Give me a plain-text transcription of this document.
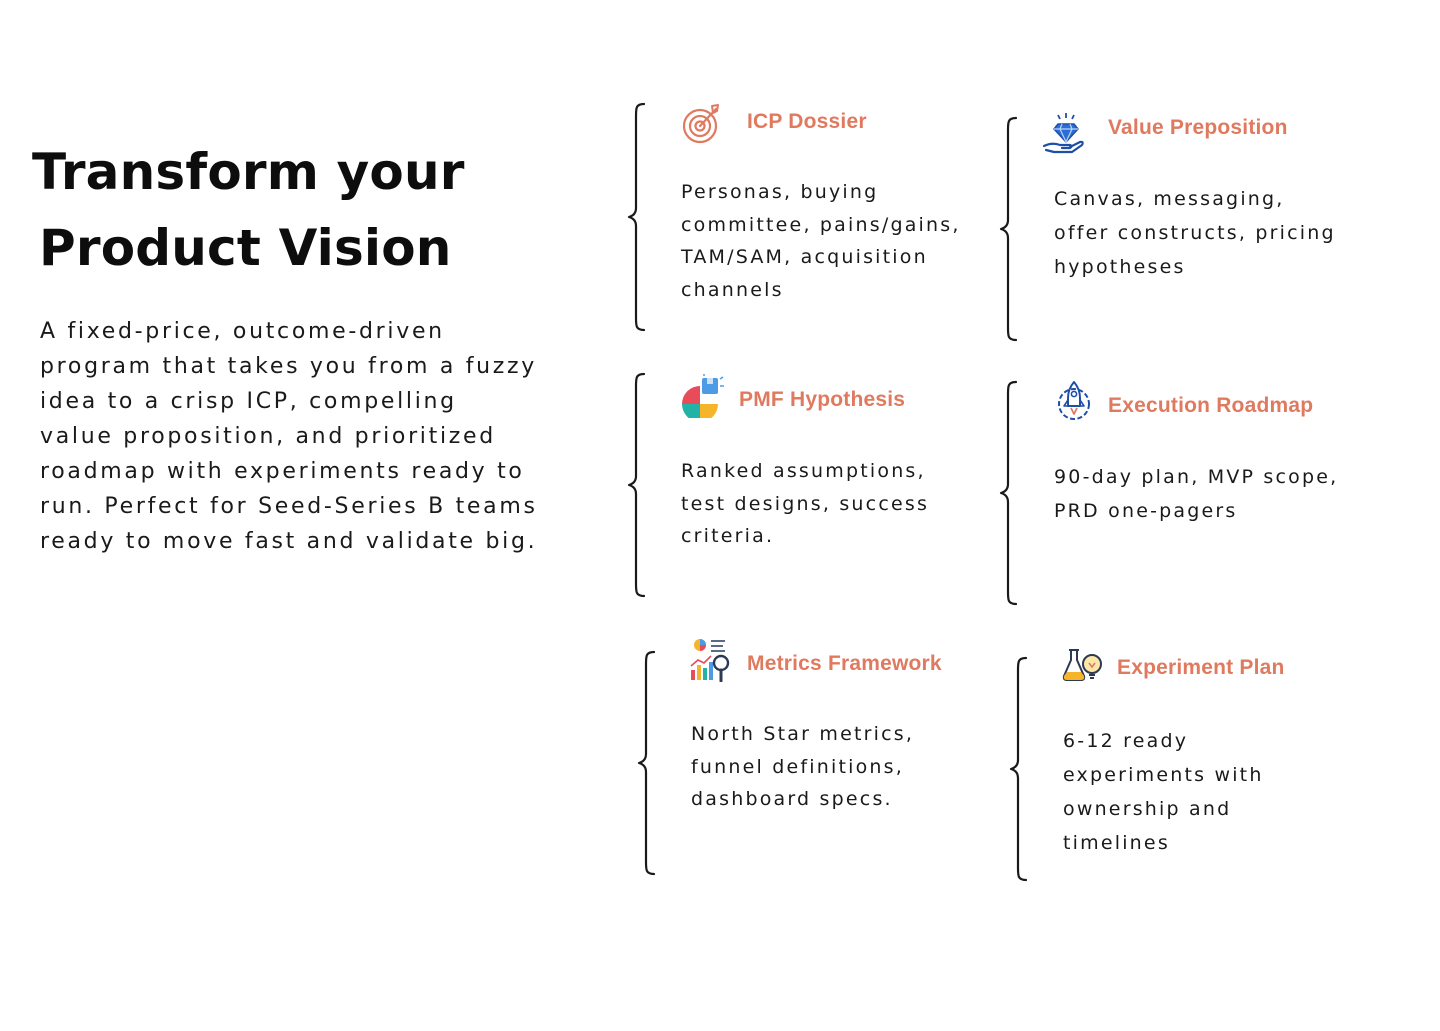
Transform your
Product Vision

A fixed-price, outcome-driven program that takes you from a fuzzy idea to a crisp ICP, compelling value proposition, and prioritized roadmap with experiments ready to run. Perfect for Seed-Series B teams ready to move fast and validate big.

ICP Dossier

Personas, buying committee, pains/gains, TAM/SAM, acquisition channels

Value Preposition

Canvas, messaging, offer constructs, pricing hypotheses

PMF Hypothesis

Ranked assumptions, test designs, success criteria.

Execution Roadmap

90-day plan, MVP scope, PRD one-pagers

Metrics Framework

North Star metrics, funnel definitions, dashboard specs.

Experiment Plan

6-12 ready experiments with ownership and timelines
